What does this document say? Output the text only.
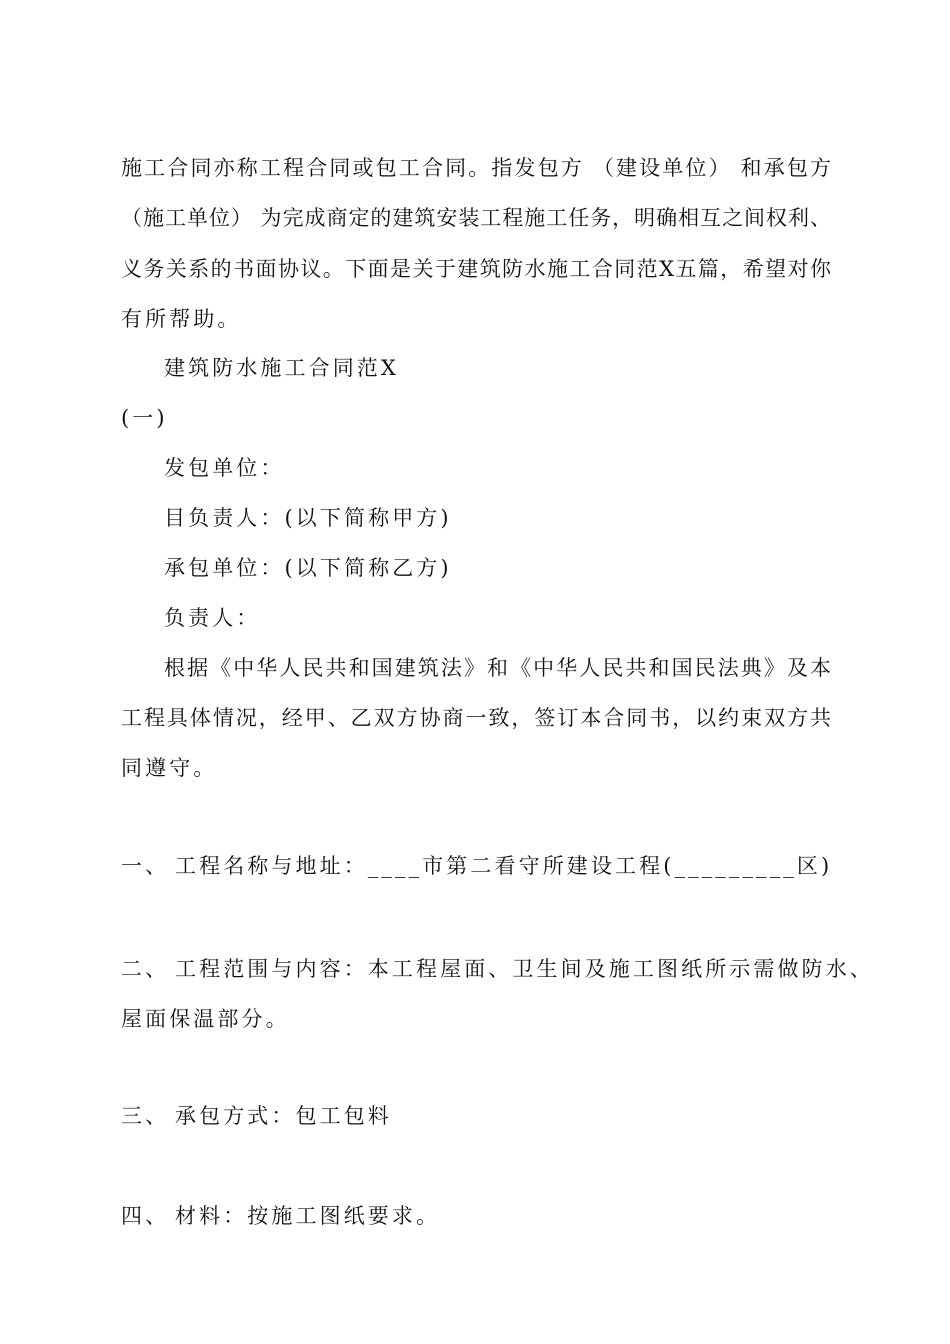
施工合同亦称工程合同或包工合同。指发包方 （建设单位） 和承包方
（施工单位） 为完成商定的建筑安装工程施工任务，明确相互之间权利、
义务关系的书面协议。下面是关于建筑防水施工合同范X五篇，希望对你
有所帮助。
建筑防水施工合同范X
(一)
发包单位：
目负责人：(以下简称甲方)
承包单位：(以下简称乙方)
负责人：
根据《中华人民共和国建筑法》和《中华人民共和国民法典》及本
工程具体情况，经甲、乙双方协商一致，签订本合同书，以约束双方共
同遵守。
一、 工程名称与地址：____市第二看守所建设工程(_________区)
二、 工程范围与内容：本工程屋面、卫生间及施工图纸所示需做防水、
屋面保温部分。
三、 承包方式：包工包料
四、 材料：按施工图纸要求。
